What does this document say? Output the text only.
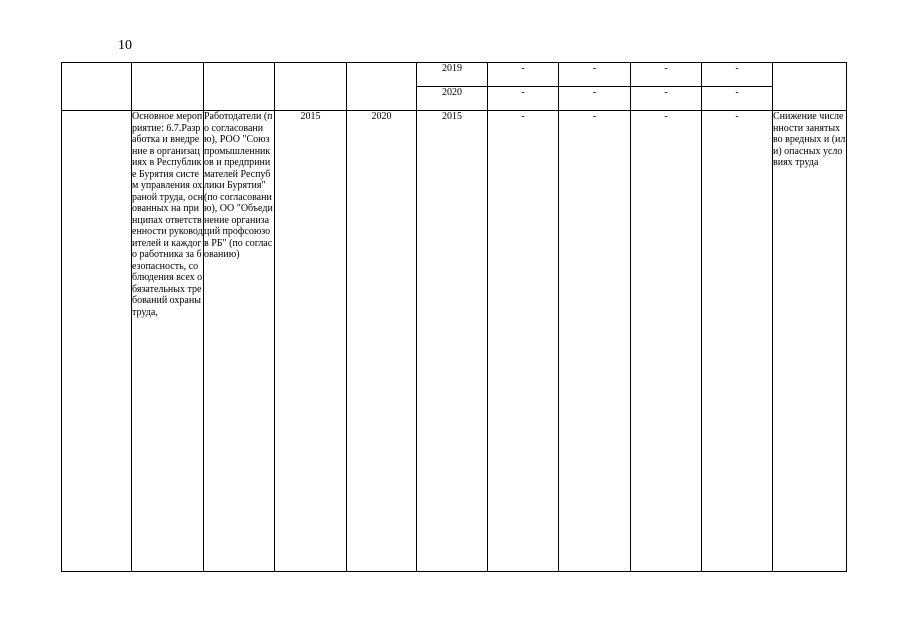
10
					2019	-	-	-	-	
					2020	-	-	-	-	
	Основное мероприятие: 6.7.Разработка и внедрение в организациях в Республике Бурятия систем управления охраной труда, основанных на принципах ответственности руководителей и каждого работника за безопасность, соблюдения всех обязательных требований охраны труда,	Работодатели (по согласованию), РОО "Союз промышленников и предпринимателей Республики Бурятия" (по согласованию), ОО "Объединение организаций профсоюзов РБ" (по согласованию)	2015	2020	2015	-	-	-	-	Снижение численности занятых во вредных и (или) опасных условиях труда
